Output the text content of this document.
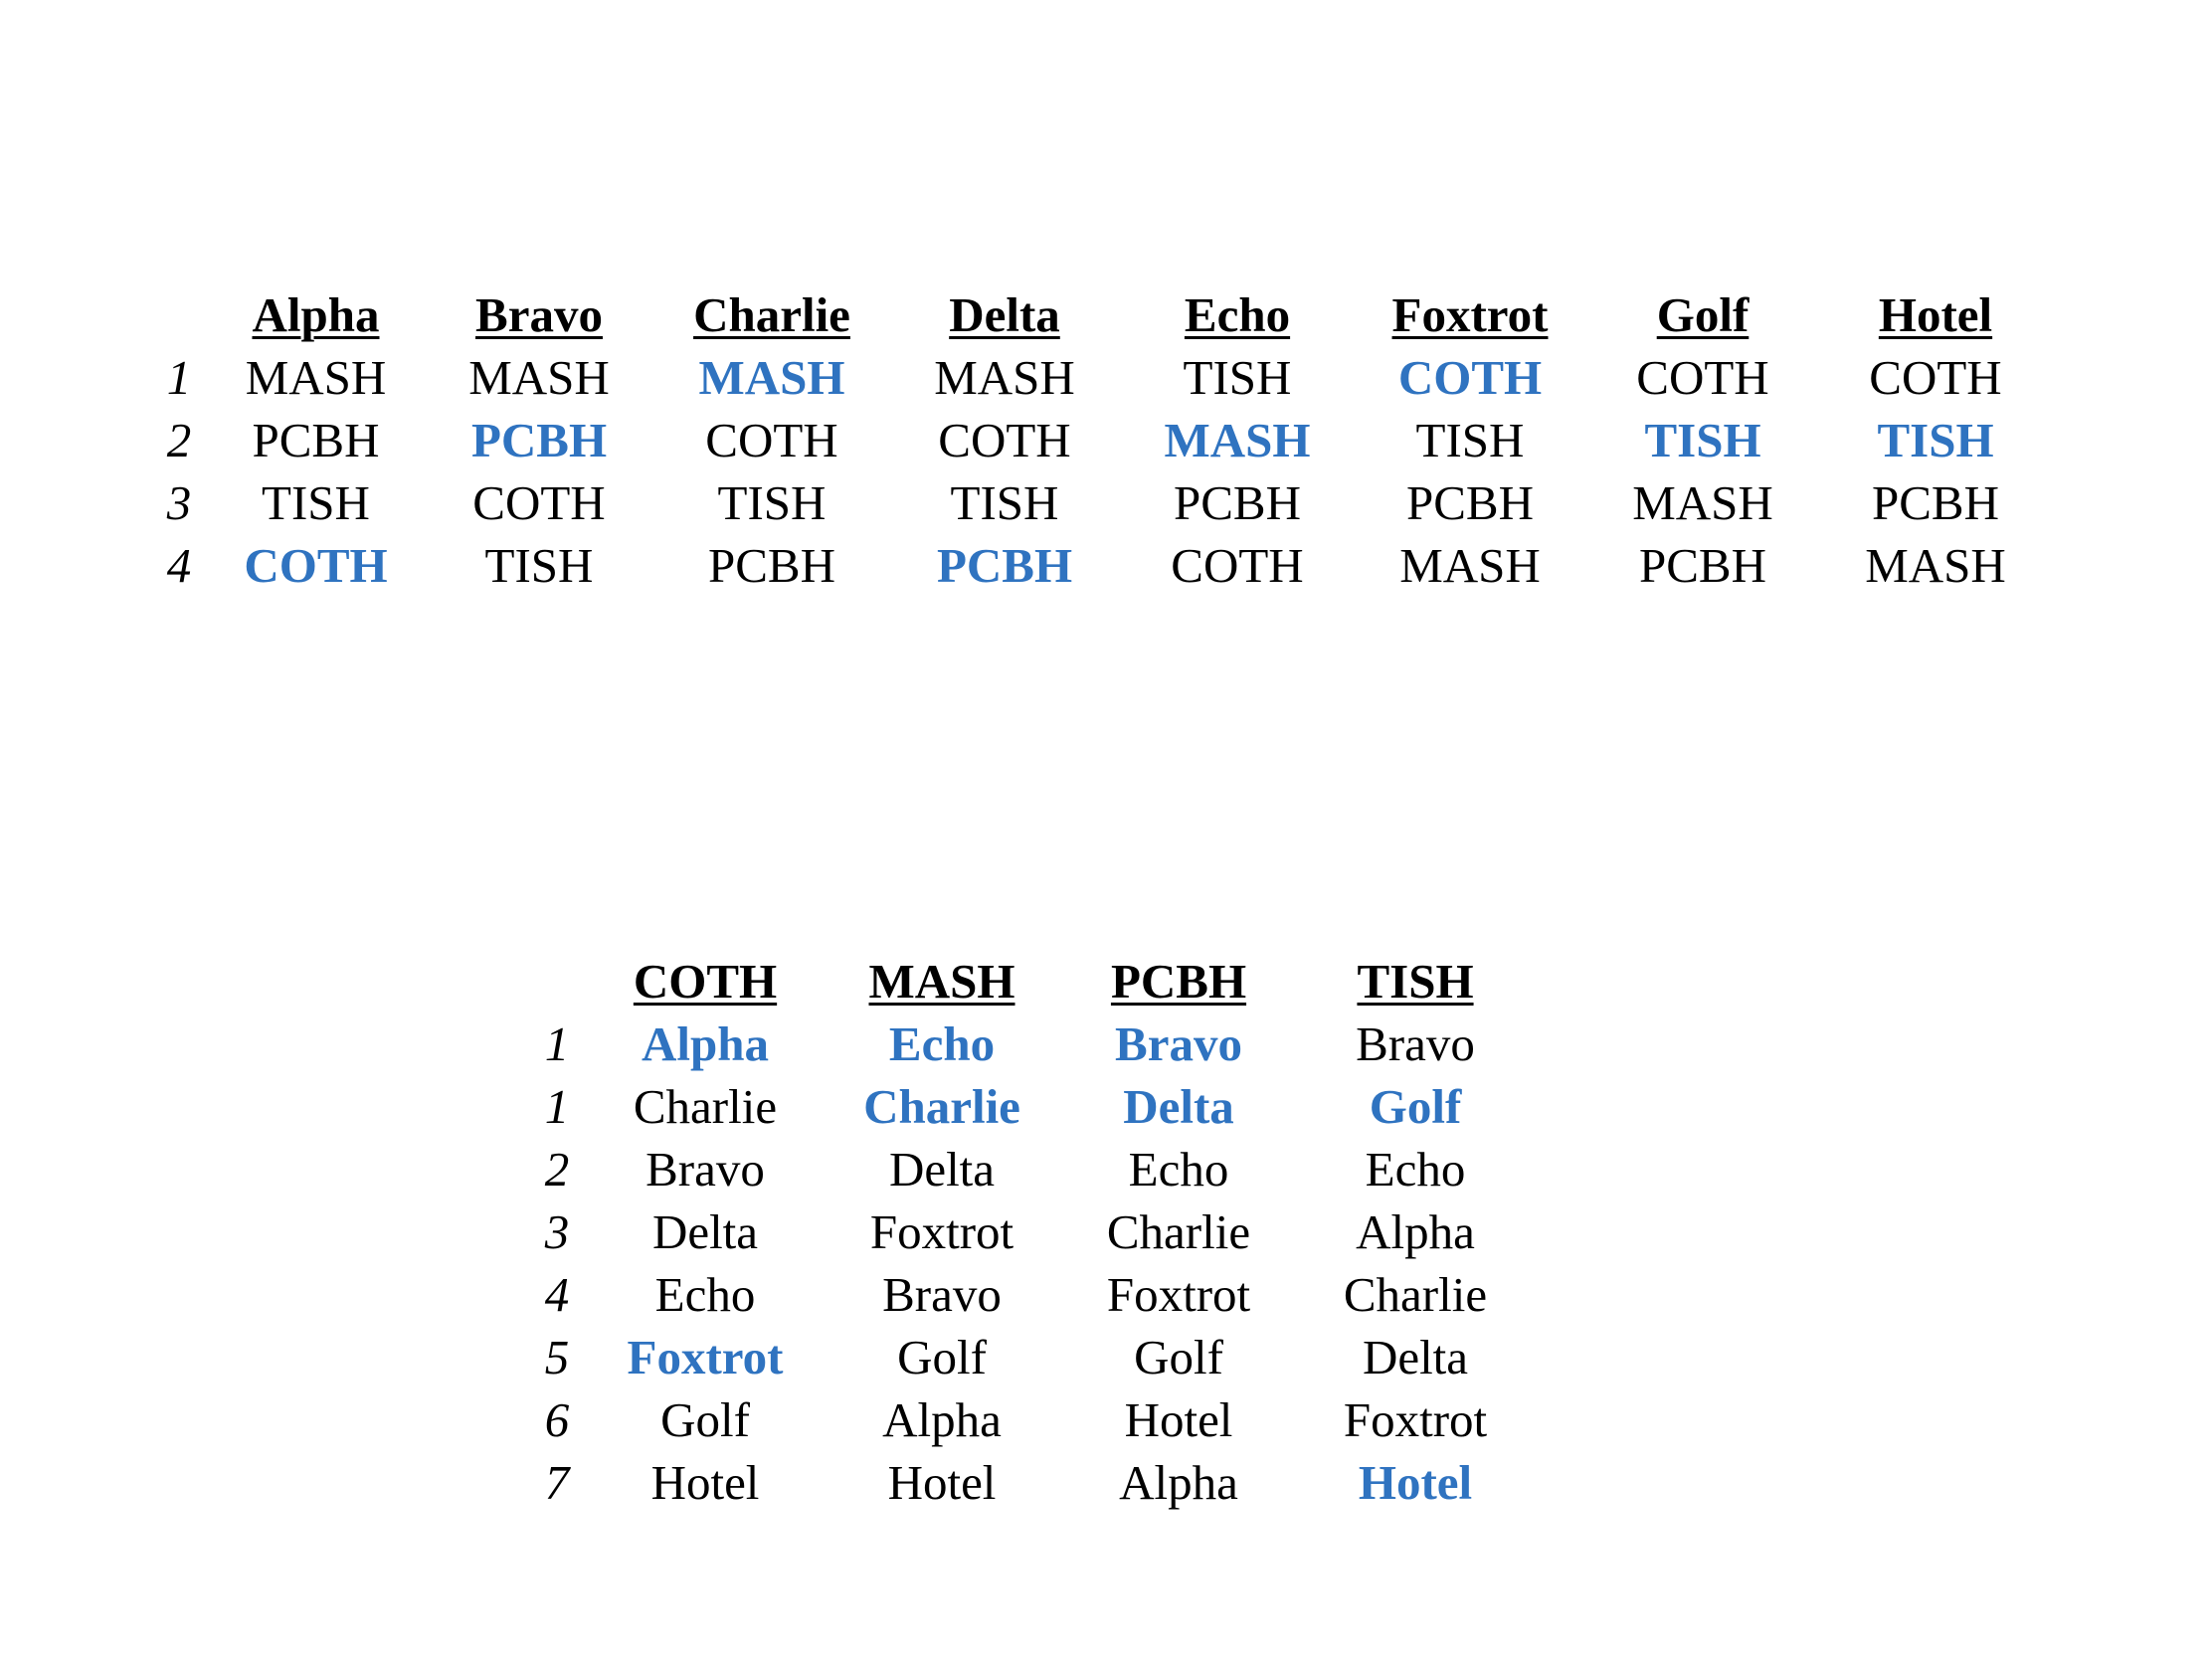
Alpha	Bravo	Charlie	Delta	Echo	Foxtrot	Golf	Hotel
1	MASH	MASH	MASH	MASH	TISH	COTH	COTH	COTH
2	PCBH	PCBH	COTH	COTH	MASH	TISH	TISH	TISH
3	TISH	COTH	TISH	TISH	PCBH	PCBH	MASH	PCBH
4	COTH	TISH	PCBH	PCBH	COTH	MASH	PCBH	MASH
COTH	MASH	PCBH	TISH
1	Alpha	Echo	Bravo	Bravo
1	Charlie	Charlie	Delta	Golf
2	Bravo	Delta	Echo	Echo
3	Delta	Foxtrot	Charlie	Alpha
4	Echo	Bravo	Foxtrot	Charlie
5	Foxtrot	Golf	Golf	Delta
6	Golf	Alpha	Hotel	Foxtrot
7	Hotel	Hotel	Alpha	Hotel
